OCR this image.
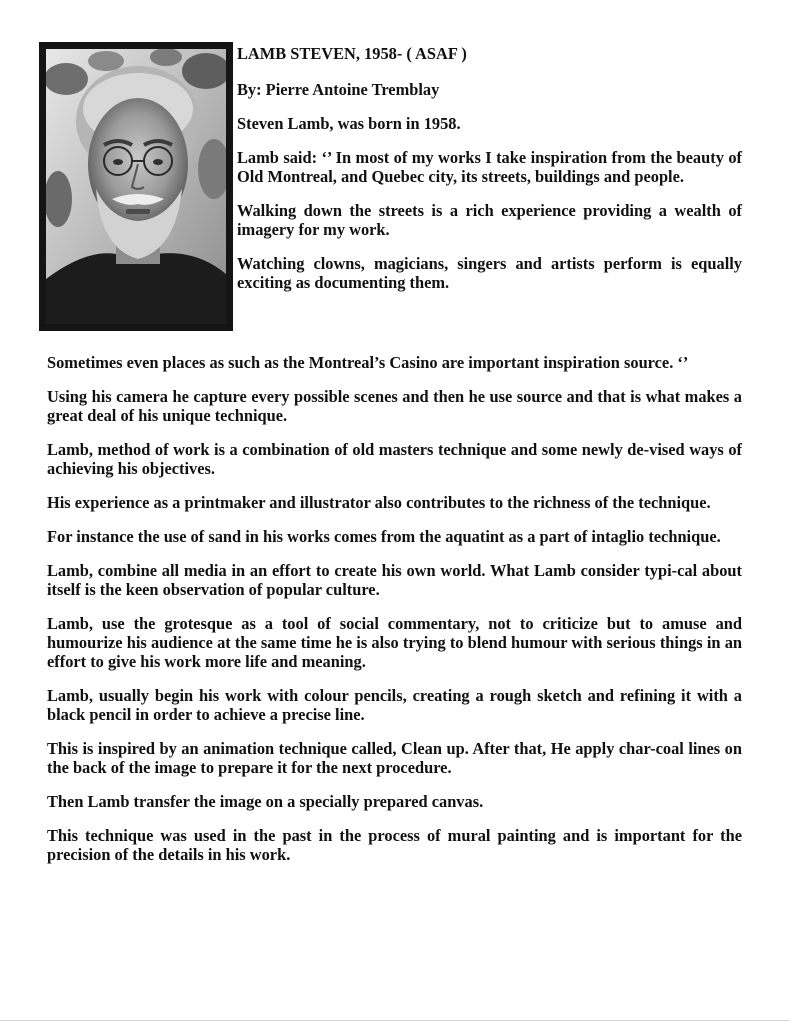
LAMB STEVEN, 1958- ( ASAF )

By: Pierre Antoine Tremblay

Steven Lamb, was born in 1958.

Lamb said: ‘’ In most of my works I take inspiration from the beauty of Old Montreal, and Quebec city, its streets, buildings and people.

Walking down the streets is a rich experience providing a wealth of imagery for my work.

Watching clowns, magicians, singers and artists perform is equally exciting as documenting them.

Sometimes even places as such as the Montreal’s Casino are important inspiration source. ‘’

Using his camera he capture every possible scenes and then he use source and that is what makes a great deal of his unique technique.

Lamb, method of work is a combination of old masters technique and some newly de-vised ways of achieving his objectives.

His experience as a printmaker and illustrator also contributes to the richness of the technique.

For instance the use of sand in his works comes from the aquatint as a part of intaglio technique.

Lamb, combine all media in an effort to create his own world. What Lamb consider typi-cal about itself is the keen observation of popular culture.

Lamb, use the grotesque as a tool of social commentary, not to criticize but to amuse and humourize his audience at the same time he is also trying to blend humour with serious things in an effort to give his work more life and meaning.

Lamb, usually begin his work with colour pencils, creating a rough sketch and refining it with a black pencil in order to achieve a precise line.

This is inspired by an animation technique called, Clean up. After that, He apply char-coal lines on the back of the image to prepare it for the next procedure.

Then Lamb transfer the image on a specially prepared canvas.

This technique was used in the past in the process of mural painting and is important for the precision of the details in his work.
